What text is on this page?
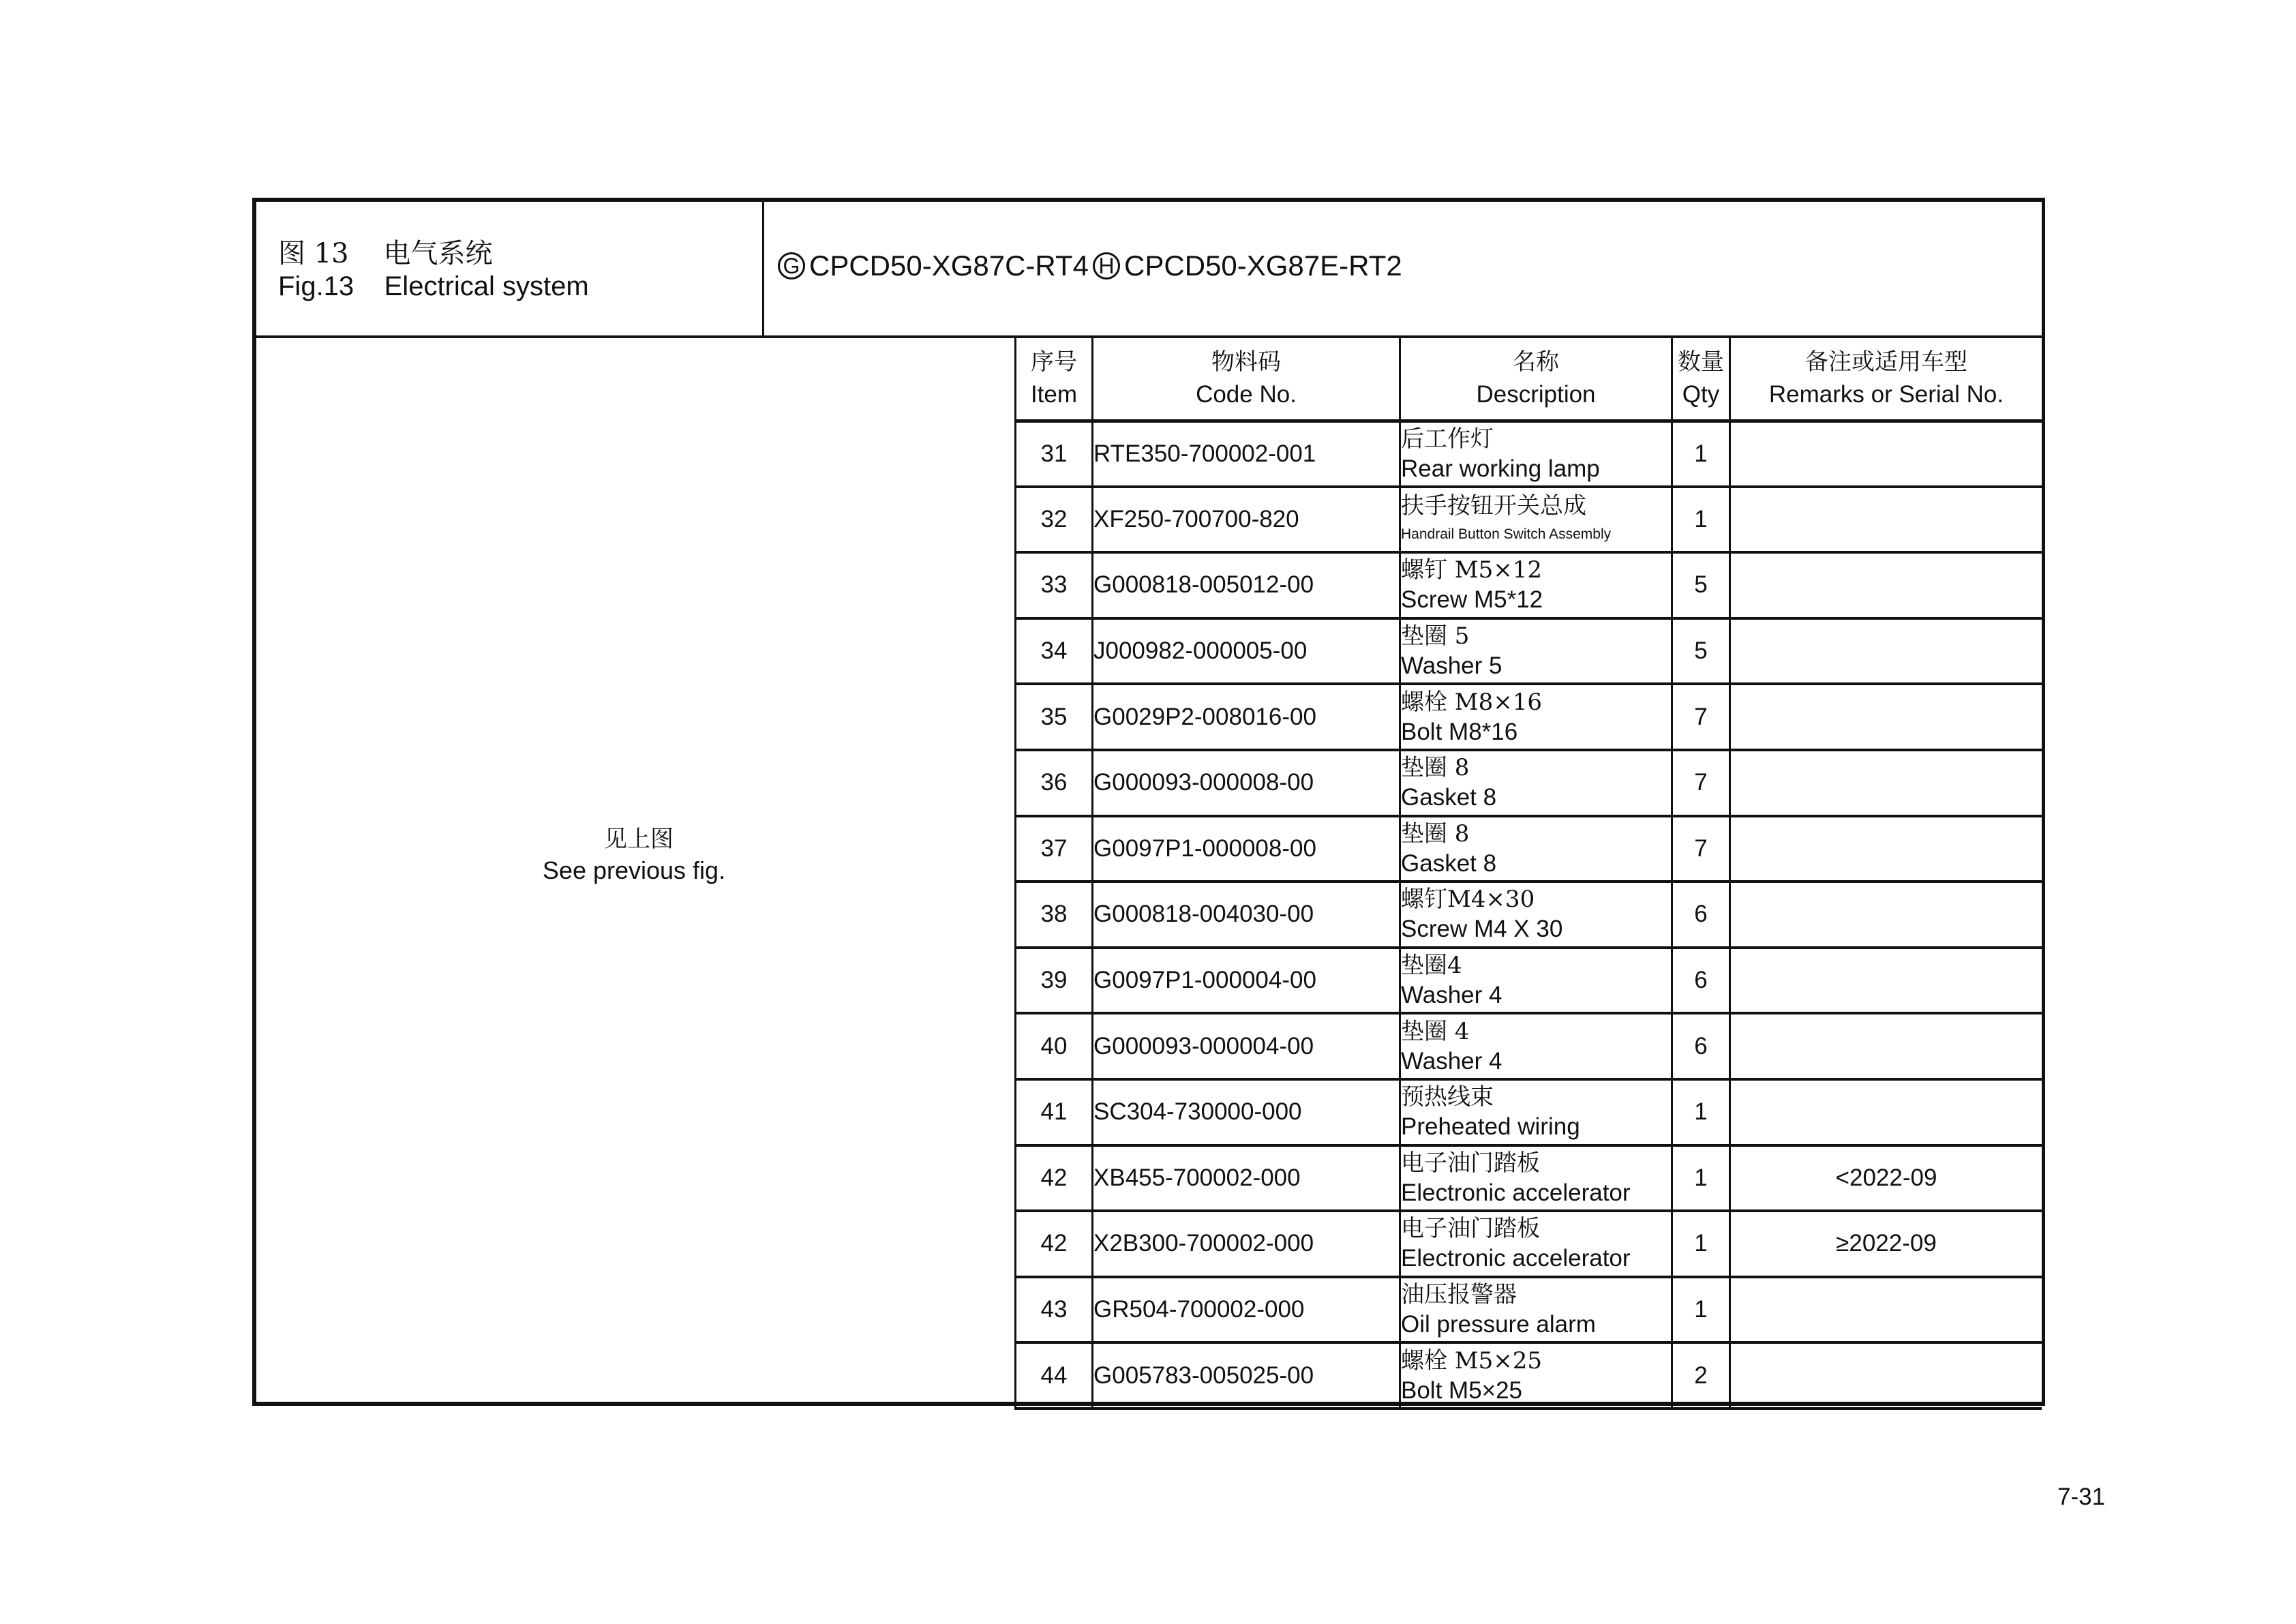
图 13    电气系统
Fig.13    Electrical system
G CPCD50-XG87C-RT4 H CPCD50-XG87E-RT2
见上图
See previous fig.
序号
Item	物料码
Code No.	名称
Description	数量
Qty	备注或适用车型
Remarks or Serial No.

31	RTE350-700002-001	后工作灯
Rear working lamp	1	
32	XF250-700700-820	扶手按钮开关总成
Handrail Button Switch Assembly	1	
33	G000818-005012-00	螺钉 M5×12
Screw M5*12	5	
34	J000982-000005-00	垫圈 5
Washer 5	5	
35	G0029P2-008016-00	螺栓 M8×16
Bolt M8*16	7	
36	G000093-000008-00	垫圈 8
Gasket 8	7	
37	G0097P1-000008-00	垫圈 8
Gasket 8	7	
38	G000818-004030-00	螺钉M4×30
Screw M4 X 30	6	
39	G0097P1-000004-00	垫圈4
Washer 4	6	
40	G000093-000004-00	垫圈 4
Washer 4	6	
41	SC304-730000-000	预热线束
Preheated wiring	1	
42	XB455-700002-000	电子油门踏板
Electronic accelerator	1	<2022-09
42	X2B300-700002-000	电子油门踏板
Electronic accelerator	1	≥2022-09
43	GR504-700002-000	油压报警器
Oil pressure alarm	1	
44	G005783-005025-00	螺栓 M5×25
Bolt M5×25	2	
7-31
